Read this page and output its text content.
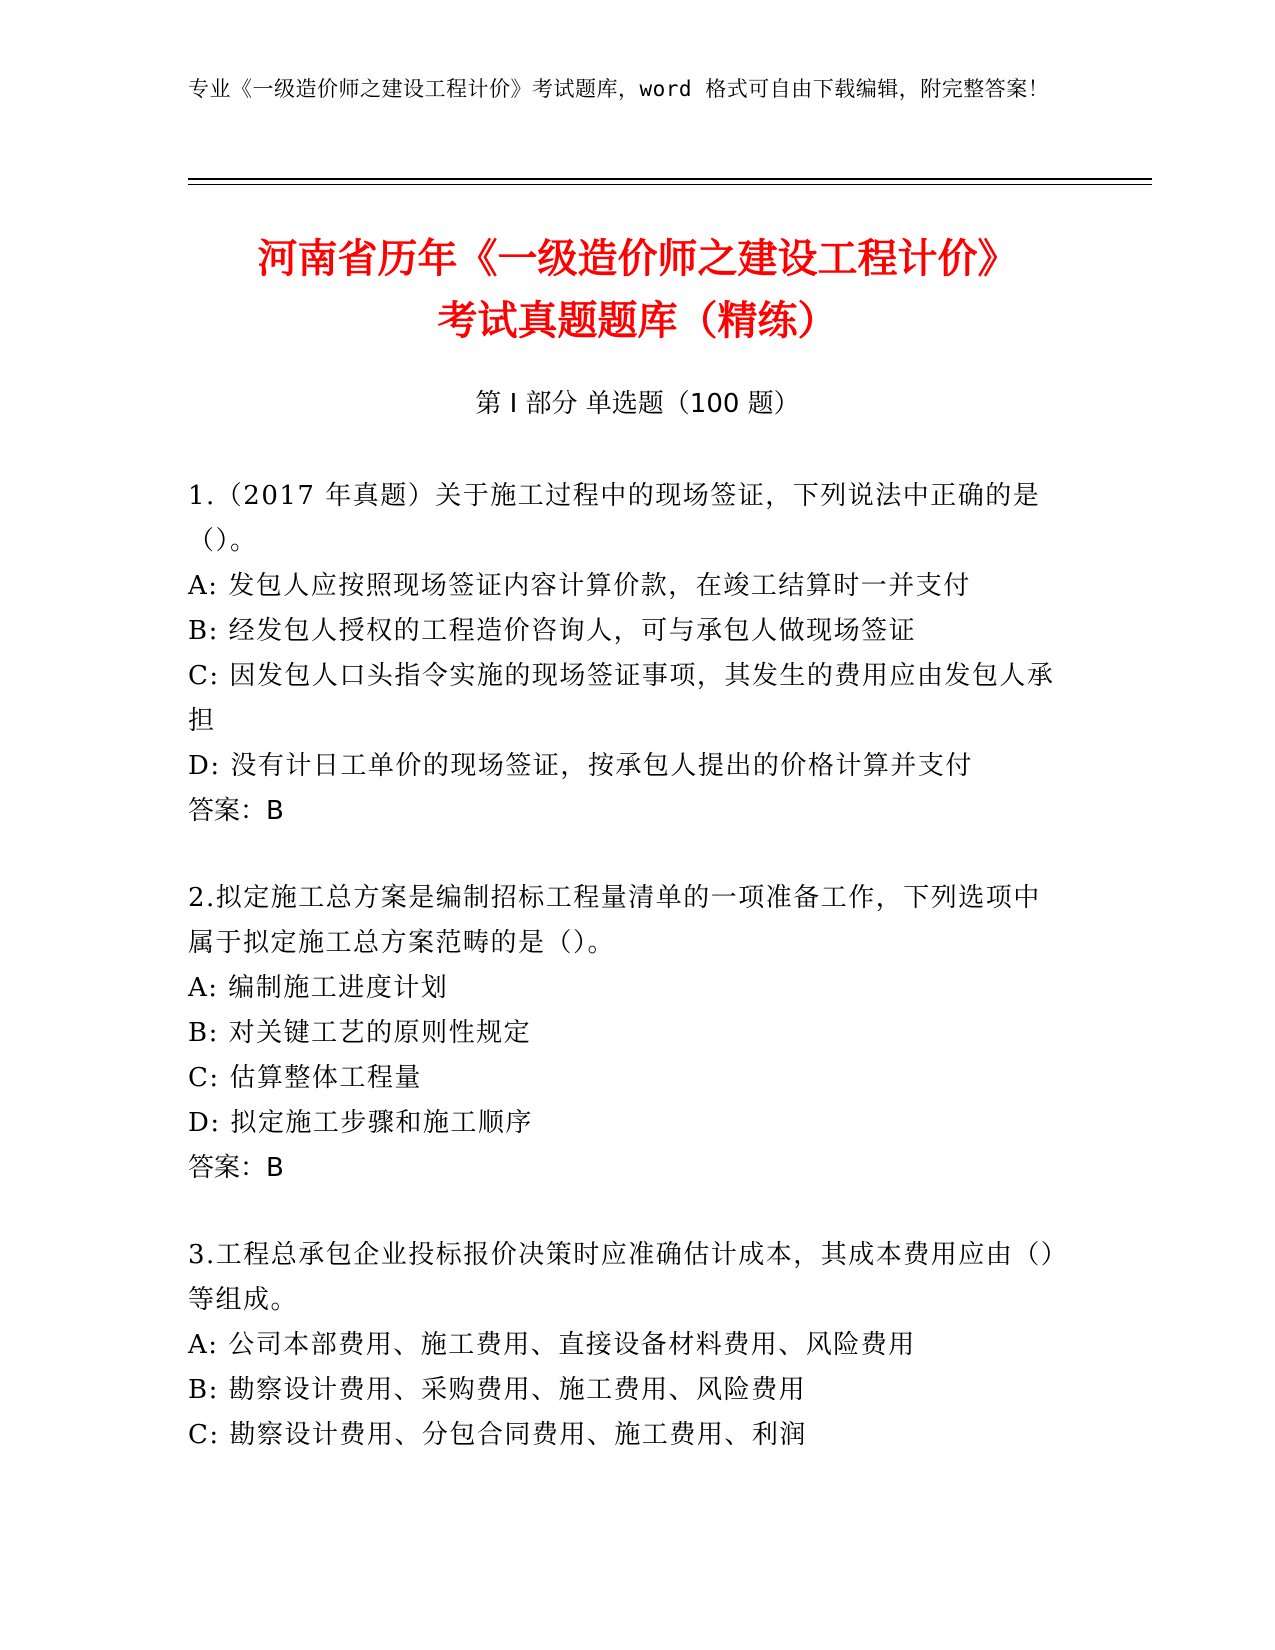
专业《一级造价师之建设工程计价》考试题库，word 格式可自由下载编辑，附完整答案！
河南省历年《一级造价师之建设工程计价》
考试真题题库（精练）
第 I 部分 单选题（100 题）

1.（2017 年真题）关于施工过程中的现场签证，下列说法中正确的是（）。

A: 发包人应按照现场签证内容计算价款，在竣工结算时一并支付

B: 经发包人授权的工程造价咨询人，可与承包人做现场签证

C: 因发包人口头指令实施的现场签证事项，其发生的费用应由发包人承担

D: 没有计日工单价的现场签证，按承包人提出的价格计算并支付

答案：B

2.拟定施工总方案是编制招标工程量清单的一项准备工作，下列选项中属于拟定施工总方案范畴的是（）。

A: 编制施工进度计划

B: 对关键工艺的原则性规定

C: 估算整体工程量

D: 拟定施工步骤和施工顺序

答案：B

3.工程总承包企业投标报价决策时应准确估计成本，其成本费用应由（）等组成。

A: 公司本部费用、施工费用、直接设备材料费用、风险费用

B: 勘察设计费用、采购费用、施工费用、风险费用

C: 勘察设计费用、分包合同费用、施工费用、利润
